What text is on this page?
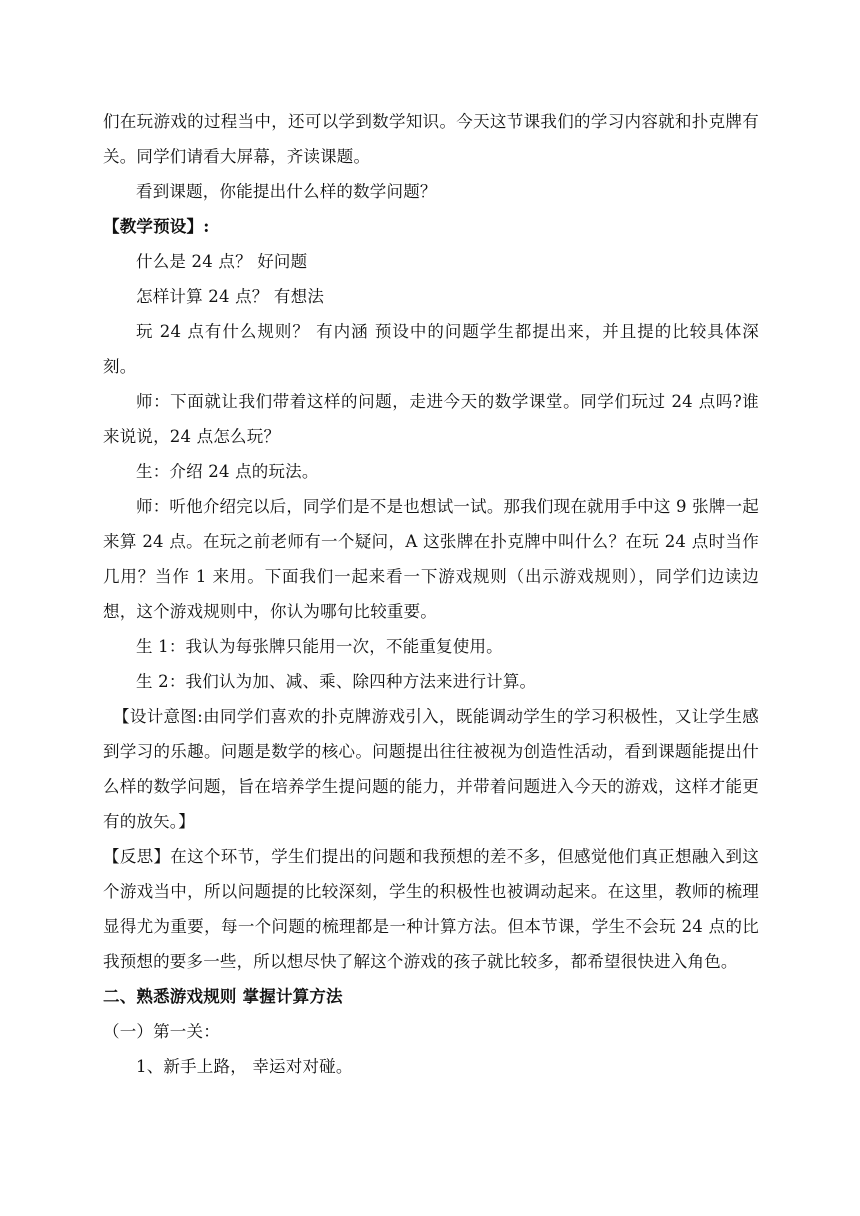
们在玩游戏的过程当中，还可以学到数学知识。今天这节课我们的学习内容就和扑克牌有关。同学们请看大屏幕，齐读课题。

看到课题，你能提出什么样的数学问题？

【教学预设】:

什么是 24 点？ 好问题

怎样计算 24 点？ 有想法

玩 24 点有什么规则？ 有内涵 预设中的问题学生都提出来，并且提的比较具体深刻。

师：下面就让我们带着这样的问题，走进今天的数学课堂。同学们玩过 24 点吗?谁来说说，24 点怎么玩？

生：介绍 24 点的玩法。

师：听他介绍完以后，同学们是不是也想试一试。那我们现在就用手中这 9 张牌一起来算 24 点。在玩之前老师有一个疑问，A 这张牌在扑克牌中叫什么？在玩 24 点时当作几用？当作 1 来用。下面我们一起来看一下游戏规则（出示游戏规则），同学们边读边想，这个游戏规则中，你认为哪句比较重要。

生 1：我认为每张牌只能用一次，不能重复使用。

生 2：我们认为加、减、乘、除四种方法来进行计算。

【设计意图:由同学们喜欢的扑克牌游戏引入，既能调动学生的学习积极性，又让学生感到学习的乐趣。问题是数学的核心。问题提出往往被视为创造性活动，看到课题能提出什么样的数学问题，旨在培养学生提问题的能力，并带着问题进入今天的游戏，这样才能更有的放矢。】

【反思】在这个环节，学生们提出的问题和我预想的差不多，但感觉他们真正想融入到这个游戏当中，所以问题提的比较深刻，学生的积极性也被调动起来。在这里，教师的梳理显得尤为重要，每一个问题的梳理都是一种计算方法。但本节课，学生不会玩 24 点的比我预想的要多一些，所以想尽快了解这个游戏的孩子就比较多，都希望很快进入角色。

二、熟悉游戏规则 掌握计算方法

（一）第一关：

1、新手上路， 幸运对对碰。
